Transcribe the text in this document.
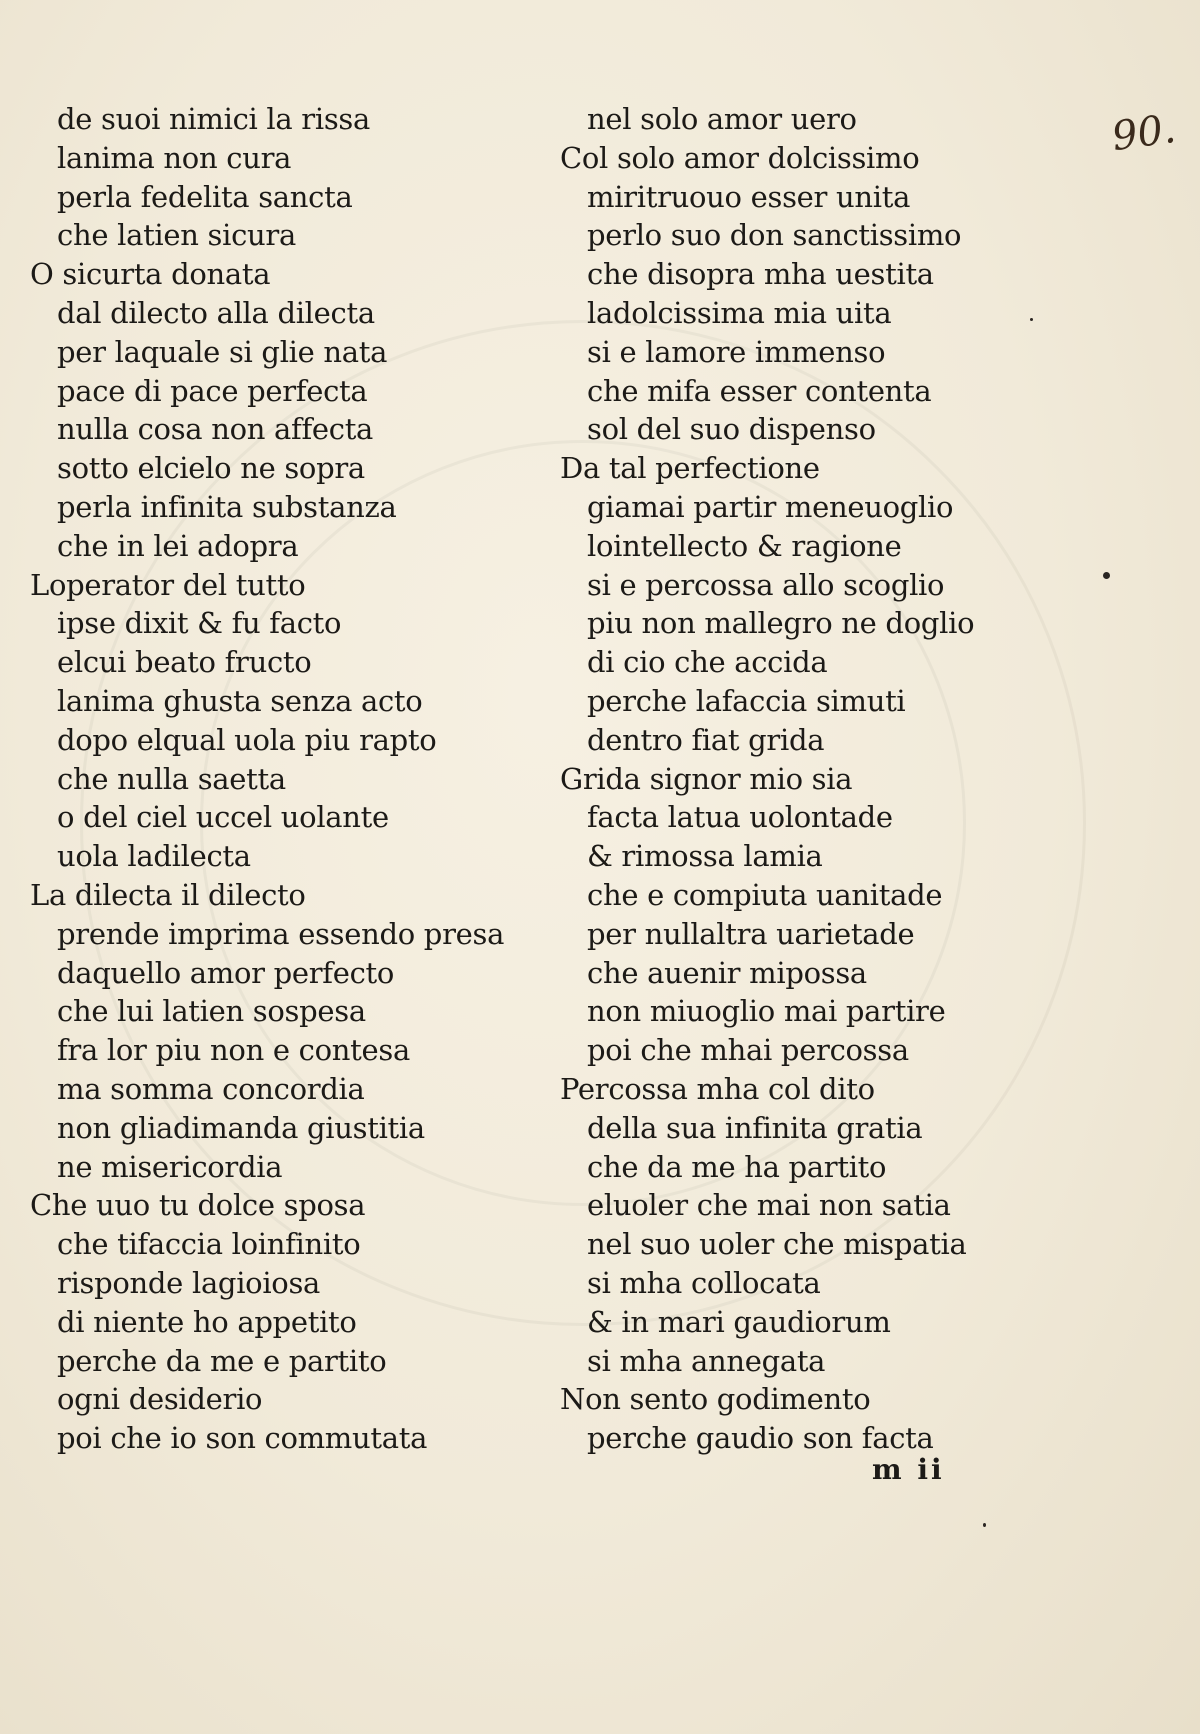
90.
de suoi nimici la rissa
lanima non cura
perla fedelita sancta
che latien sicura
O sicurta donata
dal dilecto alla dilecta
per laquale si glie nata
pace di pace perfecta
nulla cosa non affecta
sotto elcielo ne sopra
perla infinita substanza
che in lei adopra
Loperator del tutto
ipse dixit & fu facto
elcui beato fructo
lanima ghusta senza acto
dopo elqual uola piu rapto
che nulla saetta
o del ciel uccel uolante
uola ladilecta
La dilecta il dilecto
prende imprima essendo presa
daquello amor perfecto
che lui latien sospesa
fra lor piu non e contesa
ma somma concordia
non gliadimanda giustitia
ne misericordia
Che uuo tu dolce sposa
che tifaccia loinfinito
risponde lagioiosa
di niente ho appetito
perche da me e partito
ogni desiderio
poi che io son commutata
nel solo amor uero
Col solo amor dolcissimo
miritruouo esser unita
perlo suo don sanctissimo
che disopra mha uestita
ladolcissima mia uita
si e lamore immenso
che mifa esser contenta
sol del suo dispenso
Da tal perfectione
giamai partir meneuoglio
lointellecto & ragione
si e percossa allo scoglio
piu non mallegro ne doglio
di cio che accida
perche lafaccia simuti
dentro fiat grida
Grida signor mio sia
facta latua uolontade
& rimossa lamia
che e compiuta uanitade
per nullaltra uarietade
che auenir mipossa
non miuoglio mai partire
poi che mhai percossa
Percossa mha col dito
della sua infinita gratia
che da me ha partito
eluoler che mai non satia
nel suo uoler che mispatia
si mha collocata
& in mari gaudiorum
si mha annegata
Non sento godimento
perche gaudio son facta
m ii
